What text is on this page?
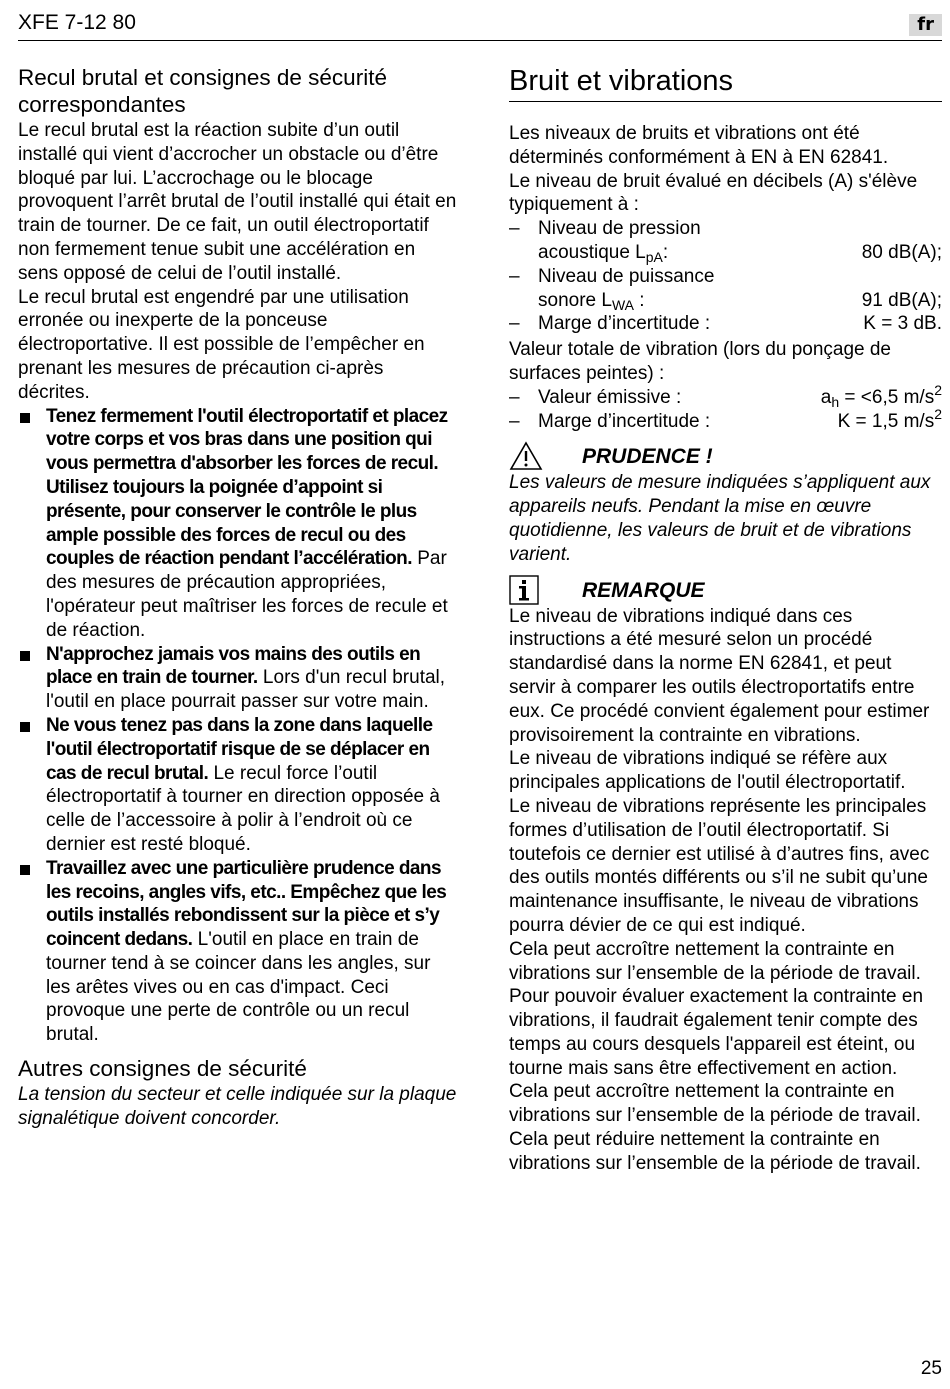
XFE 7-12 80	fr
Recul brutal et consignes de sécurité correspondantes

Le recul brutal est la réaction subite d’un outil installé qui vient d’accrocher un obstacle ou d’être bloqué par lui. L’accrochage ou le blocage provoquent l’arrêt brutal de l’outil installé qui était en train de tourner. De ce fait, un outil électroportatif non fermement tenue subit une accélération en sens opposé de celui de l’outil installé.

Le recul brutal est engendré par une utilisation erronée ou inexperte de la ponceuse électroportative. Il est possible de l’empêcher en prenant les mesures de précaution ci-après décrites.

Tenez fermement l'outil électroportatif et placez votre corps et vos bras dans une position qui vous permettra d'absorber les forces de recul. Utilisez toujours la poignée d’appoint si présente, pour conserver le contrôle le plus ample possible des forces de recul ou des couples de réaction pendant l’accélération. Par des mesures de précaution appropriées, l'opérateur peut maîtriser les forces de recule et de réaction.
N'approchez jamais vos mains des outils en place en train de tourner. Lors d'un recul brutal, l'outil en place pourrait passer sur votre main.
Ne vous tenez pas dans la zone dans laquelle l'outil électroportatif risque de se déplacer en cas de recul brutal. Le recul force l’outil électroportatif à tourner en direction opposée à celle de l’accessoire à polir à l’endroit où ce dernier est resté bloqué.
Travaillez avec une particulière prudence dans les recoins, angles vifs, etc.. Empêchez que les outils installés rebondissent sur la pièce et s’y coincent dedans. L'outil en place en train de tourner tend à se coincer dans les angles, sur les arêtes vives ou en cas d'impact. Ceci provoque une perte de contrôle ou un recul brutal.
Autres consignes de sécurité

La tension du secteur et celle indiquée sur la plaque signalétique doivent concorder.

Bruit et vibrations

Les niveaux de bruits et vibrations ont été déterminés conformément à EN à EN 62841.

Le niveau de bruit évalué en décibels (A) s'élève typiquement à :

– Niveau de pression
acoustique $L_{pA}$:	80 dB(A);
– Niveau de puissance
sonore $L_{WA}$ :	91 dB(A);
– Marge d’incertitude :	K = 3 dB.

Valeur totale de vibration (lors du ponçage de surfaces peintes) :

– Valeur émissive :	$a_h = <6,5$ $m/s^2$
– Marge d’incertitude :	K = 1,5 $m/s^2$
PRUDENCE !

Les valeurs de mesure indiquées s’appliquent aux appareils neufs. Pendant la mise en œuvre quotidienne, les valeurs de bruit et de vibrations varient.

REMARQUE

Le niveau de vibrations indiqué dans ces instructions a été mesuré selon un procédé standardisé dans la norme EN 62841, et peut servir à comparer les outils électroportatifs entre eux. Ce procédé convient également pour estimer provisoirement la contrainte en vibrations.

Le niveau de vibrations indiqué se réfère aux principales applications de l'outil électroportatif.

Le niveau de vibrations représente les principales formes d’utilisation de l’outil électroportatif. Si toutefois ce dernier est utilisé à d’autres fins, avec des outils montés différents ou s’il ne subit qu’une maintenance insuffisante, le niveau de vibrations pourra dévier de ce qui est indiqué.

Cela peut accroître nettement la contrainte en vibrations sur l’ensemble de la période de travail. Pour pouvoir évaluer exactement la contrainte en vibrations, il faudrait également tenir compte des temps au cours desquels l'appareil est éteint, ou tourne mais sans être effectivement en action.

Cela peut accroître nettement la contrainte en vibrations sur l’ensemble de la période de travail. Cela peut réduire nettement la contrainte en vibrations sur l’ensemble de la période de travail.

25
